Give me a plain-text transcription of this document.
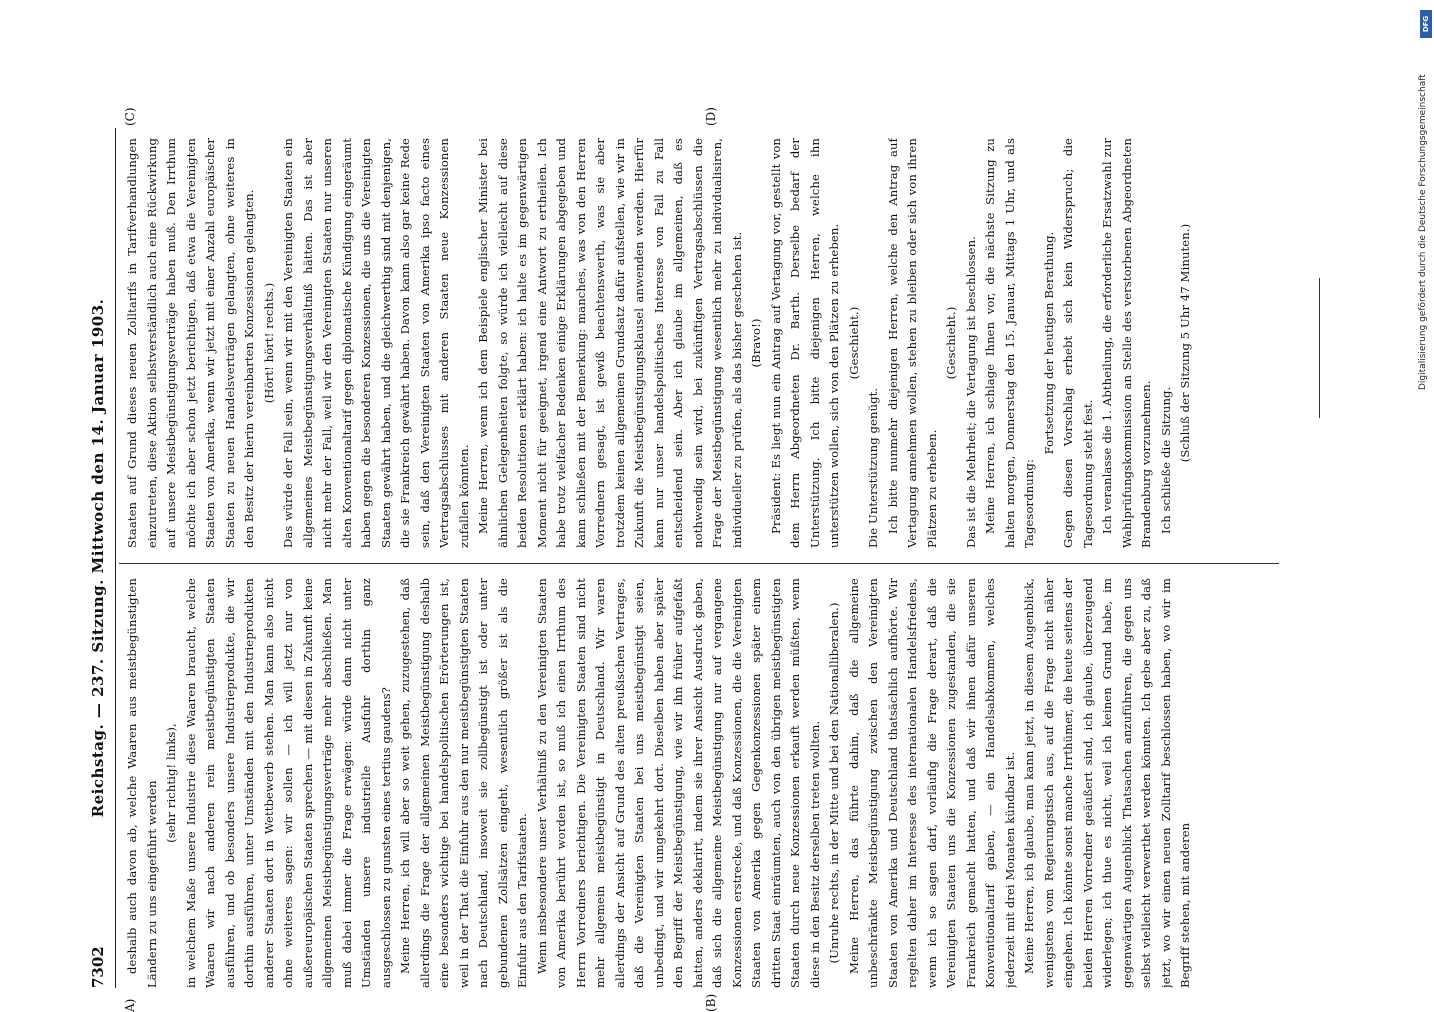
7302
Reichstag. — 237. Sitzung. Mittwoch den 14. Januar 1903.
A)	(B)
(C)	(D)

deshalb auch davon ab, welche Waaren aus meistbegünstigten Ländern zu uns eingeführt werden (sehr richtig! links), in welchem Maße unsere Industrie diese Waaren braucht, welche Waaren wir nach anderen rein meistbegünstigten Staaten ausführen, und ob besonders unsere Industrieprodukte, die wir dorthin ausführen, unter Umständen mit den Industrieprodukten anderer Staaten dort in Wettbewerb stehen. Man kann also nicht ohne weiteres sagen: wir sollen — ich will jetzt nur von außereuropäischen Staaten sprechen — mit diesen in Zukunft keine allgemeinen Meistbegünstigungsverträge mehr abschließen. Man muß dabei immer die Frage erwägen: würde dann nicht unter Umständen unsere industrielle Ausfuhr dorthin ganz ausgeschlossen zu gunsten eines tertius gaudens? Meine Herren, ich will aber so weit gehen, zuzugestehen, daß allerdings die Frage der allgemeinen Meistbegünstigung deshalb eine besonders wichtige bei handelspolitischen Erörterungen ist, weil in der That die Einfuhr aus den nur meistbegünstigten Staaten nach Deutschland, insoweit sie zollbegünstigt ist oder unter gebundenen Zollsätzen eingeht, wesentlich größer ist als die Einfuhr aus den Tarifstaaten. Wenn insbesondere unser Verhältniß zu den Vereinigten Staaten von Amerika berührt worden ist, so muß ich einen Irrthum des Herrn Vorredners berichtigen. Die Vereinigten Staaten sind nicht mehr allgemein meistbegünstigt in Deutschland. Wir waren allerdings der Ansicht auf Grund des alten preußischen Vertrages, daß die Vereinigten Staaten bei uns meistbegünstigt seien, unbedingt, und wir umgekehrt dort. Dieselben haben aber später den Begriff der Meistbegünstigung, wie wir ihn früher aufgefaßt hatten, anders deklarirt, indem sie ihrer Ansicht Ausdruck gaben, daß sich die allgemeine Meistbegünstigung nur auf vergangene Konzessionen erstrecke, und daß Konzessionen, die die Vereinigten Staaten von Amerika gegen Gegenkonzessionen später einem dritten Staat einräumten, auch von den übrigen meistbegünstigten Staaten durch neue Konzessionen erkauft werden müßten, wenn diese in den Besitz derselben treten wollten. (Unruhe rechts, in der Mitte und bei den Nationalliberalen.) Meine Herren, das führte dahin, daß die allgemeine unbeschränkte Meistbegünstigung zwischen den Vereinigten Staaten von Amerika und Deutschland thatsächlich aufhörte. Wir regelten daher im Interesse des internationalen Handelsfriedens, wenn ich so sagen darf, vorläufig die Frage derart, daß die Vereinigten Staaten uns die Konzessionen zugestanden, die sie Frankreich gemacht hatten, und daß wir ihnen dafür unseren Konventionaltarif gaben, — ein Handelsabkommen, welches jederzeit mit drei Monaten kündbar ist. Meine Herren, ich glaube, man kann jetzt, in diesem Augenblick, wenigstens vom Regierungstisch aus, auf die Frage nicht näher eingehen. Ich könnte sonst manche Irrthümer, die heute seitens der beiden Herren Vorredner geäußert sind, ich glaube, überzeugend widerlegen; ich thue es nicht, weil ich keinen Grund habe, im gegenwärtigen Augenblick Thatsachen anzuführen, die gegen uns selbst vielleicht verwerthet werden könnten. Ich gebe aber zu, daß jetzt, wo wir einen neuen Zolltarif beschlossen haben, wo wir im Begriff stehen, mit anderen

Staaten auf Grund dieses neuen Zolltarifs in Tarifverhandlungen einzutreten, diese Aktion selbstverständlich auch eine Rückwirkung auf unsere Meistbegünstigungsverträge haben muß. Den Irrthum möchte ich aber schon jetzt berichtigen, daß etwa die Vereinigten Staaten von Amerika, wenn wir jetzt mit einer Anzahl europäischer Staaten zu neuen Handelsverträgen gelangten, ohne weiteres in den Besitz der hierin vereinbarten Konzessionen gelangten. (Hört! hört! rechts.) Das würde der Fall sein, wenn wir mit den Vereinigten Staaten ein allgemeines Meistbegünstigungsverhältniß hätten. Das ist aber nicht mehr der Fall, weil wir den Vereinigten Staaten nur unseren alten Konventionaltarif gegen diplomatische Kündigung eingeräumt haben gegen die besonderen Konzessionen, die uns die Vereinigten Staaten gewährt haben, und die gleichwerthig sind mit denjenigen, die sie Frankreich gewährt haben. Davon kann also gar keine Rede sein, daß den Vereinigten Staaten von Amerika ipso facto eines Vertragsabschlusses mit anderen Staaten neue Konzessionen zufallen könnten. Meine Herren, wenn ich dem Beispiele englischer Minister bei ähnlichen Gelegenheiten folgte, so würde ich vielleicht auf diese beiden Resolutionen erklärt haben: ich halte es im gegenwärtigen Moment nicht für geeignet, irgend eine Antwort zu ertheilen. Ich habe trotz vielfacher Bedenken einige Erklärungen abgegeben und kann schließen mit der Bemerkung: manches, was von den Herren Vorrednern gesagt, ist gewiß beachtenswerth, was sie aber trotzdem keinen allgemeinen Grundsatz dafür aufstellen, wie wir in Zukunft die Meistbegünstigungsklausel anwenden werden. Hierfür kann nur unser handelspolitisches Interesse von Fall zu Fall entscheidend sein. Aber ich glaube im allgemeinen, daß es nothwendig sein wird, bei zukünftigen Vertragsabschlüssen die Frage der Meistbegünstigung wesentlich mehr zu individualisiren, individueller zu prüfen, als das bisher geschehen ist. (Bravo!) Präsident: Es liegt nun ein Antrag auf Vertagung vor, gestellt von dem Herrn Abgeordneten Dr. Barth. Derselbe bedarf der Unterstützung. Ich bitte diejenigen Herren, welche ihn unterstützen wollen, sich von den Plätzen zu erheben. (Geschieht.)

Die Unterstützung genügt. Ich bitte nunmehr diejenigen Herren, welche den Antrag auf Vertagung annehmen wollen, stehen zu bleiben oder sich von ihren Plätzen zu erheben.

(Geschieht.) Das ist die Mehrheit; die Vertagung ist beschlossen. Meine Herren, ich schlage Ihnen vor, die nächste Sitzung zu halten morgen, Donnerstag den 15. Januar, Mittags 1 Uhr, und als Tagesordnung:

Fortsetzung der heutigen Berathung. Gegen diesen Vorschlag erhebt sich kein Widerspruch; die Tagesordnung steht fest. Ich veranlasse die 1. Abtheilung, die erforderliche Ersatzwahl zur Wahlprüfungskommission an Stelle des verstorbenen Abgeordneten Brandenburg vorzunehmen. Ich schließe die Sitzung. (Schluß der Sitzung 5 Uhr 47 Minuten.)	Digitalisierung gefördert durch die Deutsche Forschungsgemeinschaft
DFG
